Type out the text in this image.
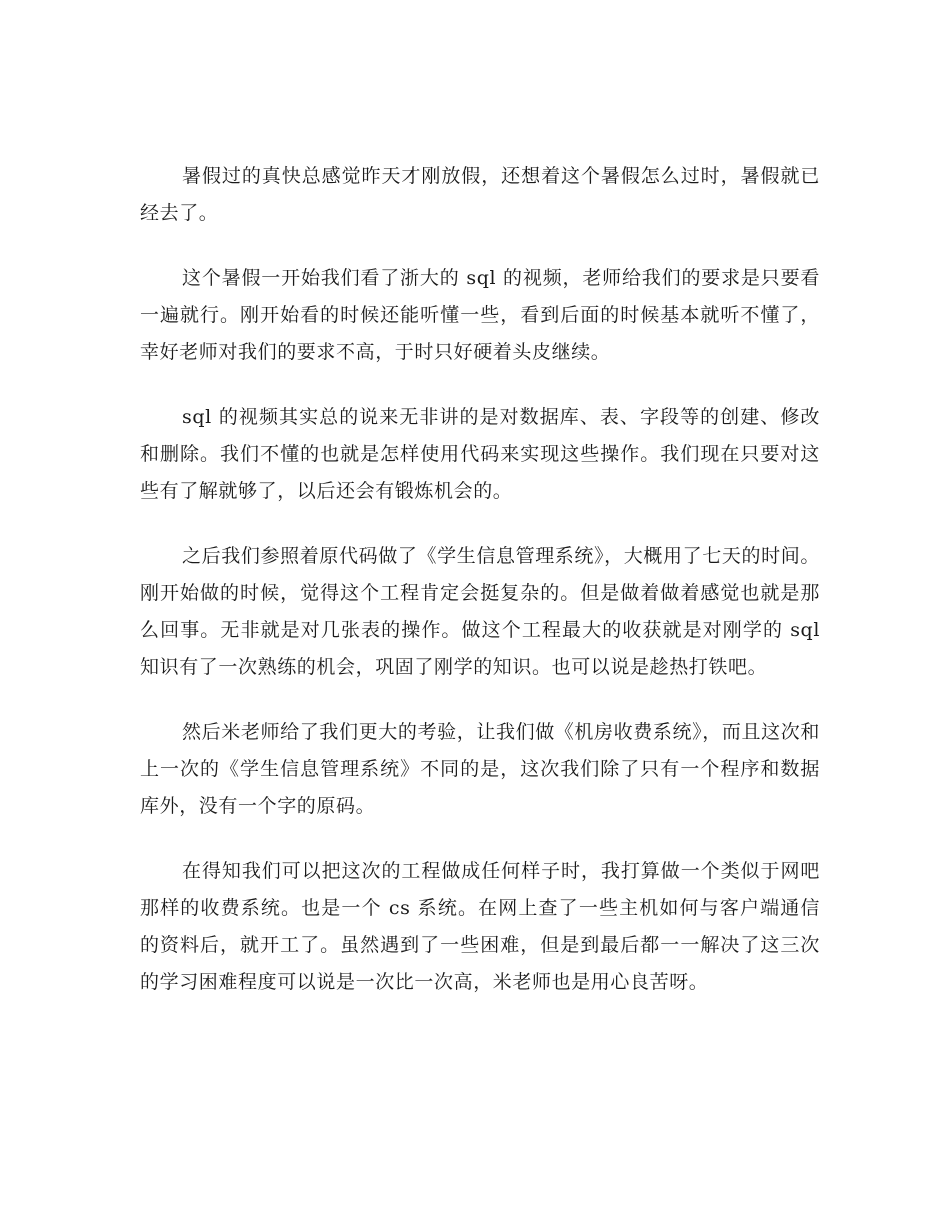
暑假过的真快总感觉昨天才刚放假，还想着这个暑假怎么过时，暑假就已经去了。

这个暑假一开始我们看了浙大的 sql 的视频，老师给我们的要求是只要看一遍就行。刚开始看的时候还能听懂一些，看到后面的时候基本就听不懂了，幸好老师对我们的要求不高，于时只好硬着头皮继续。

sql 的视频其实总的说来无非讲的是对数据库、表、字段等的创建、修改和删除。我们不懂的也就是怎样使用代码来实现这些操作。我们现在只要对这些有了解就够了，以后还会有锻炼机会的。

之后我们参照着原代码做了《学生信息管理系统》，大概用了七天的时间。刚开始做的时候，觉得这个工程肯定会挺复杂的。但是做着做着感觉也就是那么回事。无非就是对几张表的操作。做这个工程最大的收获就是对刚学的 sql 知识有了一次熟练的机会，巩固了刚学的知识。也可以说是趁热打铁吧。

然后米老师给了我们更大的考验，让我们做《机房收费系统》，而且这次和上一次的《学生信息管理系统》不同的是，这次我们除了只有一个程序和数据库外，没有一个字的原码。

在得知我们可以把这次的工程做成任何样子时，我打算做一个类似于网吧那样的收费系统。也是一个 cs 系统。在网上查了一些主机如何与客户端通信的资料后，就开工了。虽然遇到了一些困难，但是到最后都一一解决了这三次的学习困难程度可以说是一次比一次高，米老师也是用心良苦呀。
